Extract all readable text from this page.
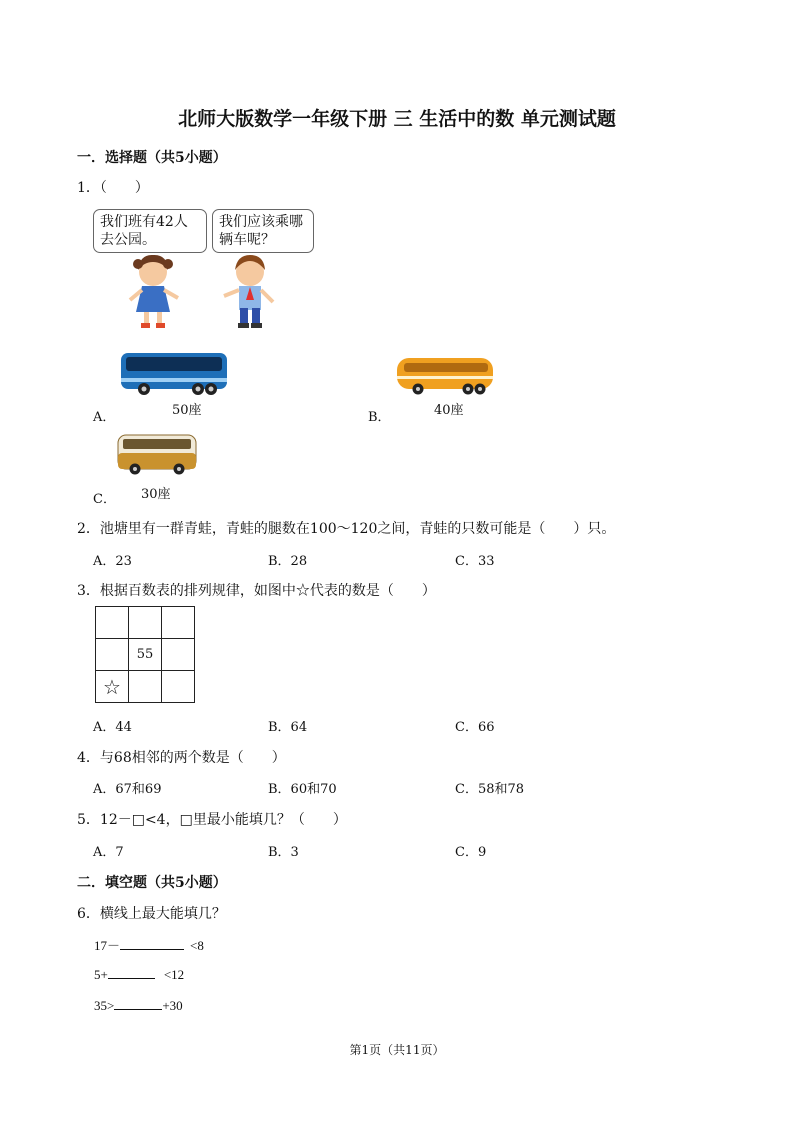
北师大版数学一年级下册 三 生活中的数 单元测试题
一．选择题（共5小题）
1．（　　）
我们班有42人去公园。
我们应该乘哪辆车呢？
A．	50座	B．	40座
C． 30座
2．池塘里有一群青蛙，青蛙的腿数在100～120之间，青蛙的只数可能是（　　）只。
A．23	B．28	C．33
3．根据百数表的排列规律，如图中☆代表的数是（　　）

	55	
☆		
A．44	B．64	C．66
4．与68相邻的两个数是（　　）
A．67和69	B．60和70	C．58和78
5．12－□<4，□里最小能填几？（　　）
A．7	B．3	C．9
二．填空题（共5小题）
6．横线上最大能填几？
17－	<8
5+	<12
35>	+30
第1页（共11页）
